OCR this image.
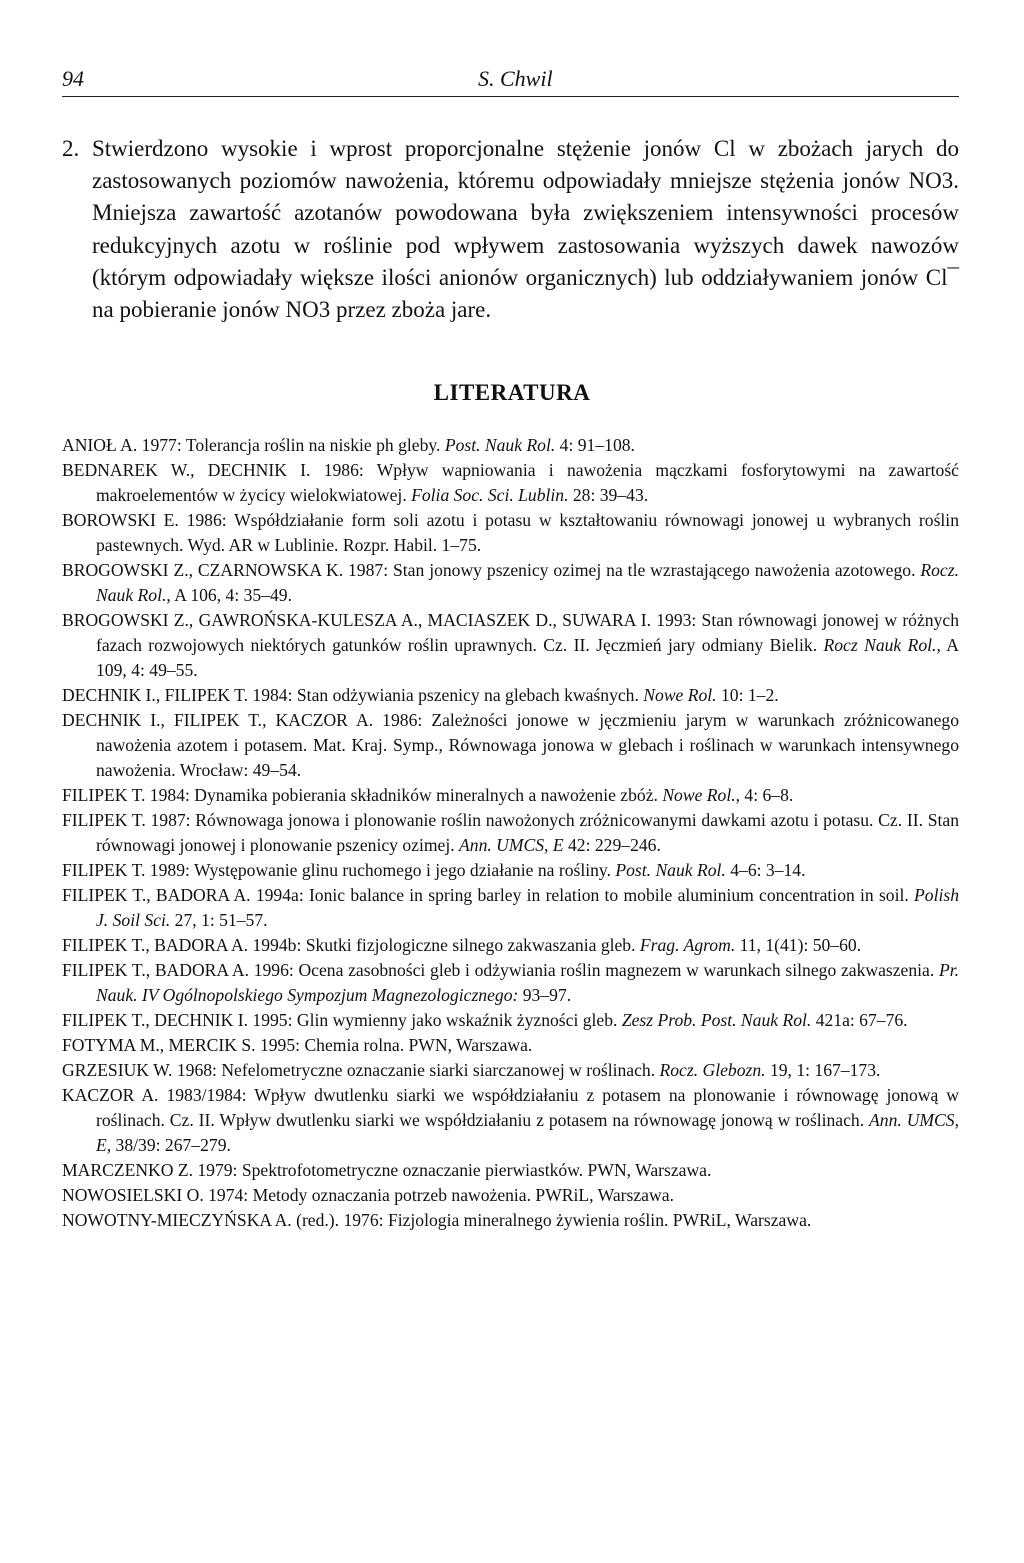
94	S. Chwil
2. Stwierdzono wysokie i wprost proporcjonalne stężenie jonów Cl w zbożach jarych do zastosowanych poziomów nawożenia, któremu odpowiadały mniejsze stężenia jonów NO3. Mniejsza zawartość azotanów powodowana była zwiększeniem intensywności procesów redukcyjnych azotu w roślinie pod wpływem zastosowania wyższych dawek nawozów (którym odpowiadały większe ilości anionów organicznych) lub oddziaływaniem jonów Cl¯ na pobieranie jonów NO3 przez zboża jare.
LITERATURA
ANIOŁ A. 1977: Tolerancja roślin na niskie ph gleby. Post. Nauk Rol. 4: 91–108.
BEDNAREK W., DECHNIK I. 1986: Wpływ wapniowania i nawożenia mączkami fosforytowymi na zawartość makroelementów w życicy wielokwiatowej. Folia Soc. Sci. Lublin. 28: 39–43.
BOROWSKI E. 1986: Współdziałanie form soli azotu i potasu w kształtowaniu równowagi jonowej u wybranych roślin pastewnych. Wyd. AR w Lublinie. Rozpr. Habil. 1–75.
BROGOWSKI Z., CZARNOWSKA K. 1987: Stan jonowy pszenicy ozimej na tle wzrastającego nawożenia azotowego. Rocz. Nauk Rol., A 106, 4: 35–49.
BROGOWSKI Z., GAWROŃSKA-KULESZA A., MACIASZEK D., SUWARA I. 1993: Stan równowagi jonowej w różnych fazach rozwojowych niektórych gatunków roślin uprawnych. Cz. II. Jęczmień jary odmiany Bielik. Rocz Nauk Rol., A 109, 4: 49–55.
DECHNIK I., FILIPEK T. 1984: Stan odżywiania pszenicy na glebach kwaśnych. Nowe Rol. 10: 1–2.
DECHNIK I., FILIPEK T., KACZOR A. 1986: Zależności jonowe w jęczmieniu jarym w warunkach zróżnicowanego nawożenia azotem i potasem. Mat. Kraj. Symp., Równowaga jonowa w glebach i roślinach w warunkach intensywnego nawożenia. Wrocław: 49–54.
FILIPEK T. 1984: Dynamika pobierania składników mineralnych a nawożenie zbóż. Nowe Rol., 4: 6–8.
FILIPEK T. 1987: Równowaga jonowa i plonowanie roślin nawożonych zróżnicowanymi dawkami azotu i potasu. Cz. II. Stan równowagi jonowej i plonowanie pszenicy ozimej. Ann. UMCS, E 42: 229–246.
FILIPEK T. 1989: Występowanie glinu ruchomego i jego działanie na rośliny. Post. Nauk Rol. 4–6: 3–14.
FILIPEK T., BADORA A. 1994a: Ionic balance in spring barley in relation to mobile aluminium concentration in soil. Polish J. Soil Sci. 27, 1: 51–57.
FILIPEK T., BADORA A. 1994b: Skutki fizjologiczne silnego zakwaszania gleb. Frag. Agrom. 11, 1(41): 50–60.
FILIPEK T., BADORA A. 1996: Ocena zasobności gleb i odżywiania roślin magnezem w warunkach silnego zakwaszenia. Pr. Nauk. IV Ogólnopolskiego Sympozjum Magnezologicznego: 93–97.
FILIPEK T., DECHNIK I. 1995: Glin wymienny jako wskaźnik żyzności gleb. Zesz Prob. Post. Nauk Rol. 421a: 67–76.
FOTYMA M., MERCIK S. 1995: Chemia rolna. PWN, Warszawa.
GRZESIUK W. 1968: Nefelometryczne oznaczanie siarki siarczanowej w roślinach. Rocz. Glebozn. 19, 1: 167–173.
KACZOR A. 1983/1984: Wpływ dwutlenku siarki we współdziałaniu z potasem na plonowanie i równowagę jonową w roślinach. Cz. II. Wpływ dwutlenku siarki we współdziałaniu z potasem na równowagę jonową w roślinach. Ann. UMCS, E, 38/39: 267–279.
MARCZENKO Z. 1979: Spektrofotometryczne oznaczanie pierwiastków. PWN, Warszawa.
NOWOSIELSKI O. 1974: Metody oznaczania potrzeb nawożenia. PWRiL, Warszawa.
NOWOTNY-MIECZYŃSKA A. (red.). 1976: Fizjologia mineralnego żywienia roślin. PWRiL, Warszawa.
